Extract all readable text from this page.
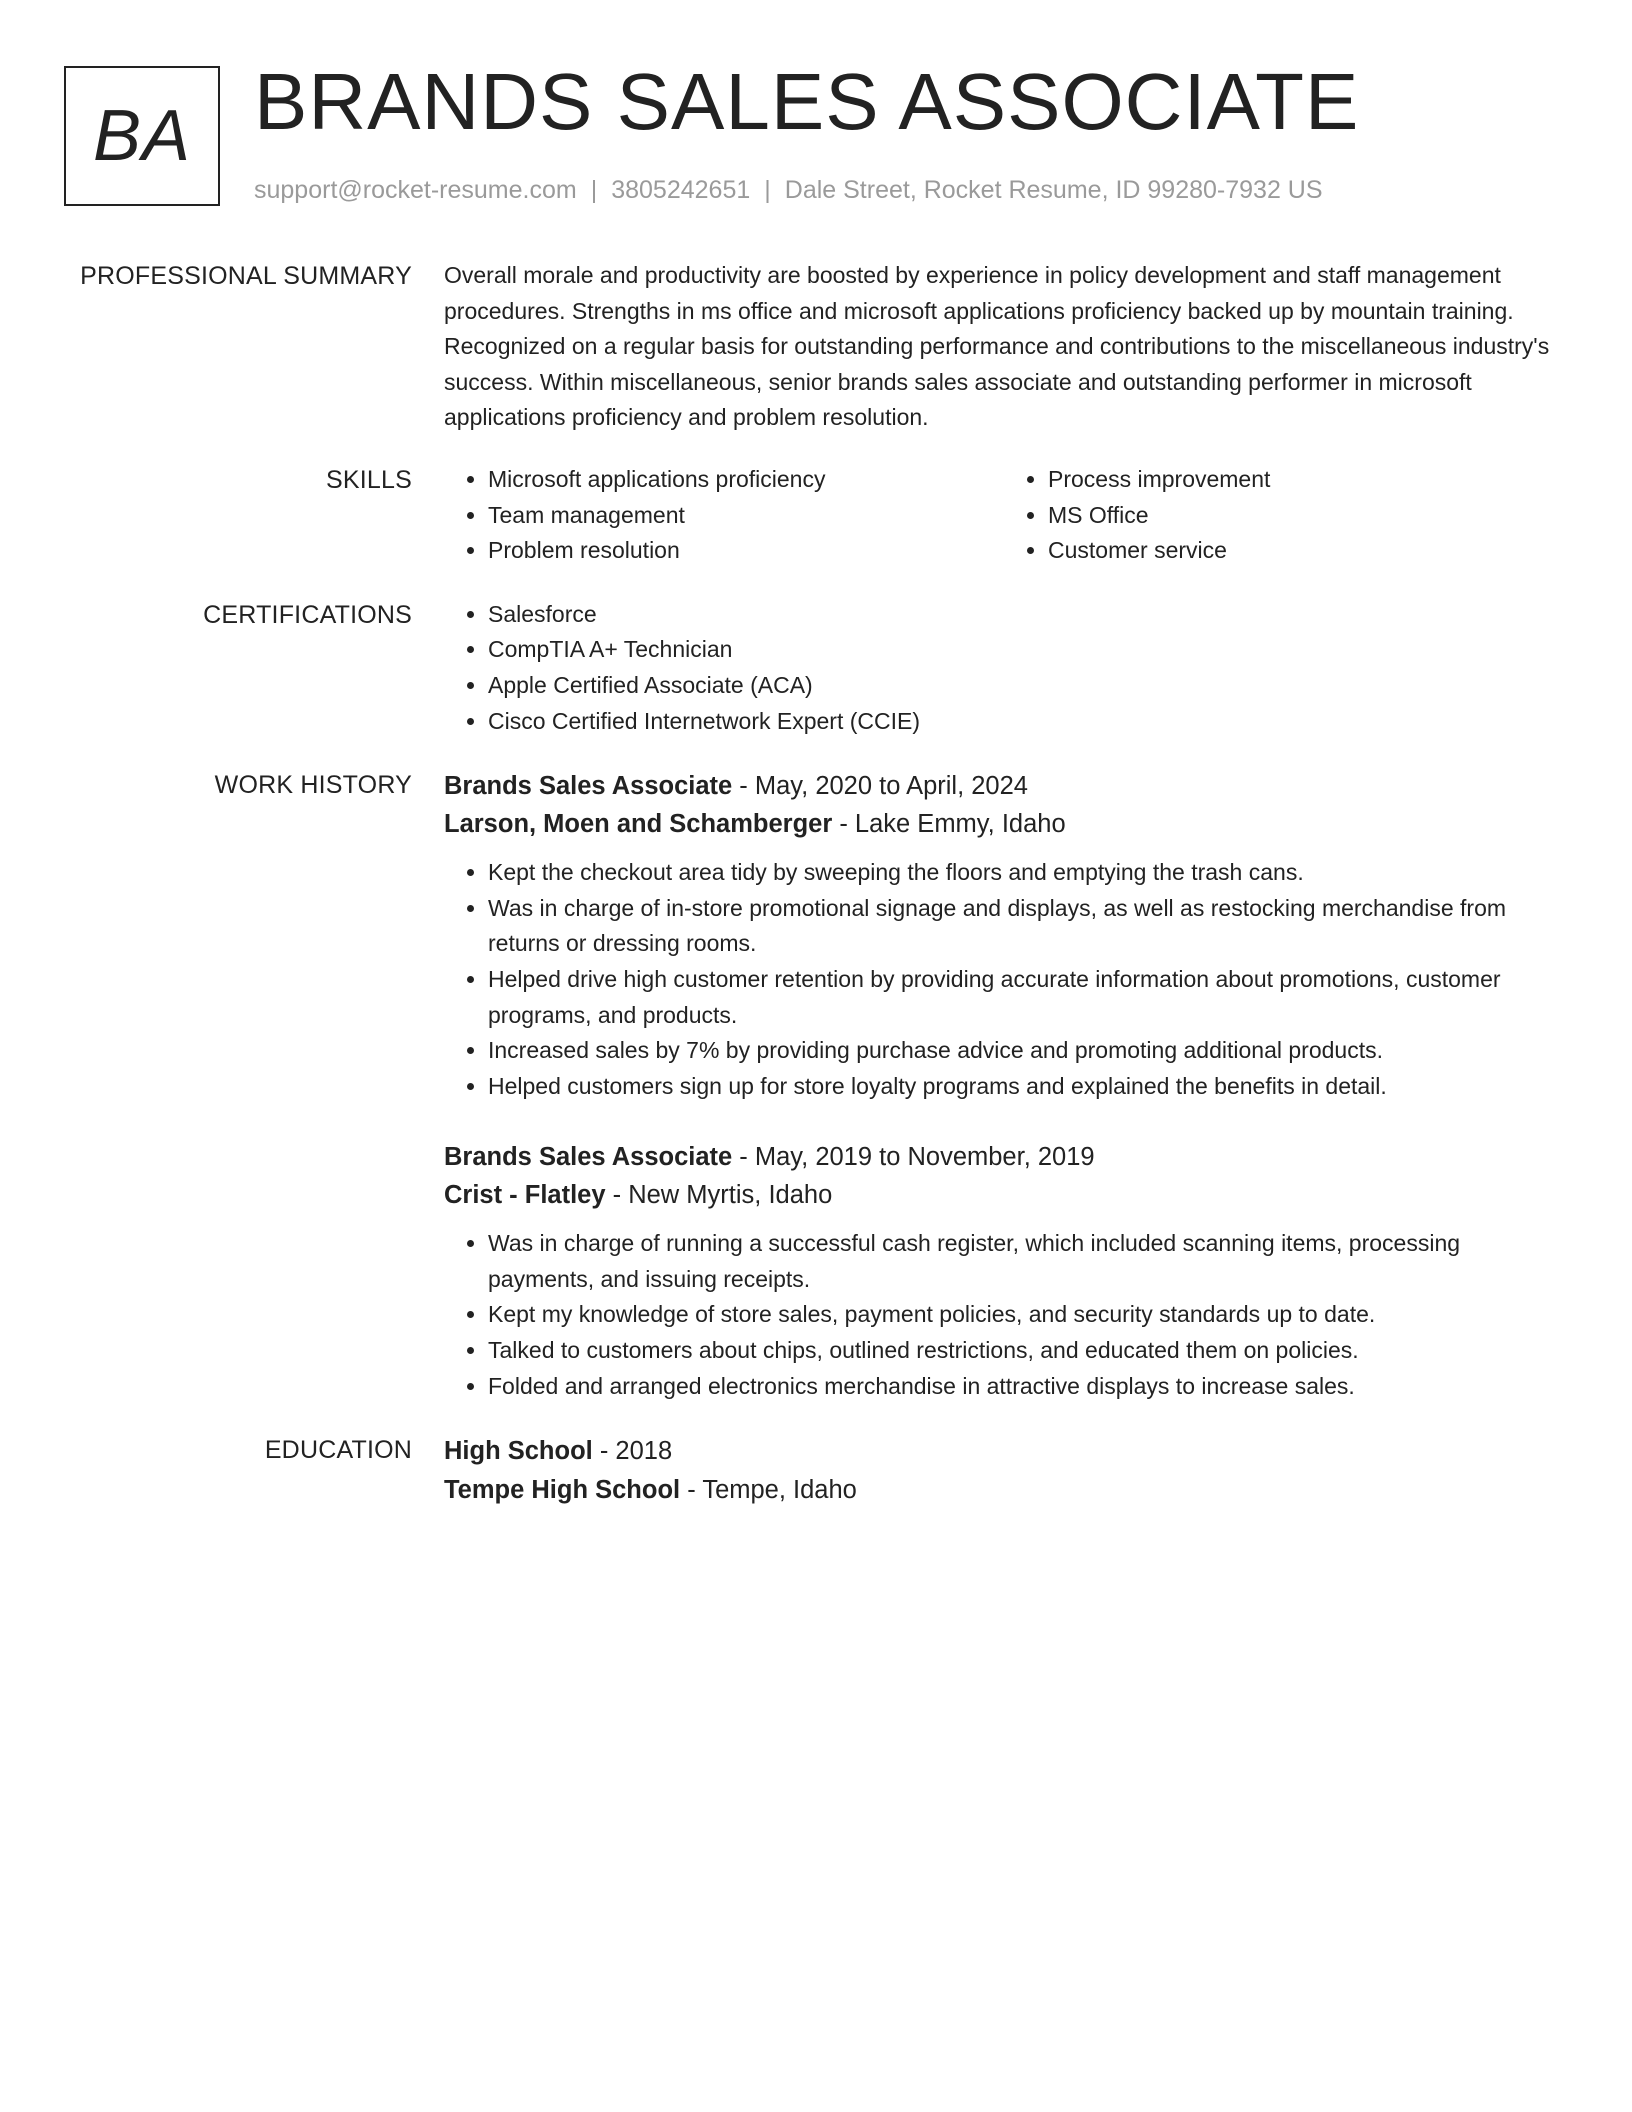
BA BRANDS SALES ASSOCIATE
support@rocket-resume.com | 3805242651 | Dale Street, Rocket Resume, ID 99280-7932 US
PROFESSIONAL SUMMARY Overall morale and productivity are boosted by experience in policy development and staff management procedures. Strengths in ms office and microsoft applications proficiency backed up by mountain training. Recognized on a regular basis for outstanding performance and contributions to the miscellaneous industry's success. Within miscellaneous, senior brands sales associate and outstanding performer in microsoft applications proficiency and problem resolution.

SKILLS	• Microsoft applications proficiency
• Team management
• Problem resolution
• Process improvement
• MS Office
• Customer service
CERTIFICATIONS	• Salesforce
• CompTIA A+ Technician
• Apple Certified Associate (ACA)
• Cisco Certified Internetwork Expert (CCIE)
WORK HISTORY Brands Sales Associate - May, 2020 to April, 2024
Larson, Moen and Schamberger - Lake Emmy, Idaho
• Kept the checkout area tidy by sweeping the floors and emptying the trash cans.
• Was in charge of in-store promotional signage and displays, as well as restocking merchandise from returns or dressing rooms.
• Helped drive high customer retention by providing accurate information about promotions, customer programs, and products.
• Increased sales by 7% by providing purchase advice and promoting additional products.
• Helped customers sign up for store loyalty programs and explained the benefits in detail.
Brands Sales Associate - May, 2019 to November, 2019
Crist - Flatley - New Myrtis, Idaho
• Was in charge of running a successful cash register, which included scanning items, processing payments, and issuing receipts.
• Kept my knowledge of store sales, payment policies, and security standards up to date.
• Talked to customers about chips, outlined restrictions, and educated them on policies.
• Folded and arranged electronics merchandise in attractive displays to increase sales.
EDUCATION High School - 2018
Tempe High School - Tempe, Idaho
